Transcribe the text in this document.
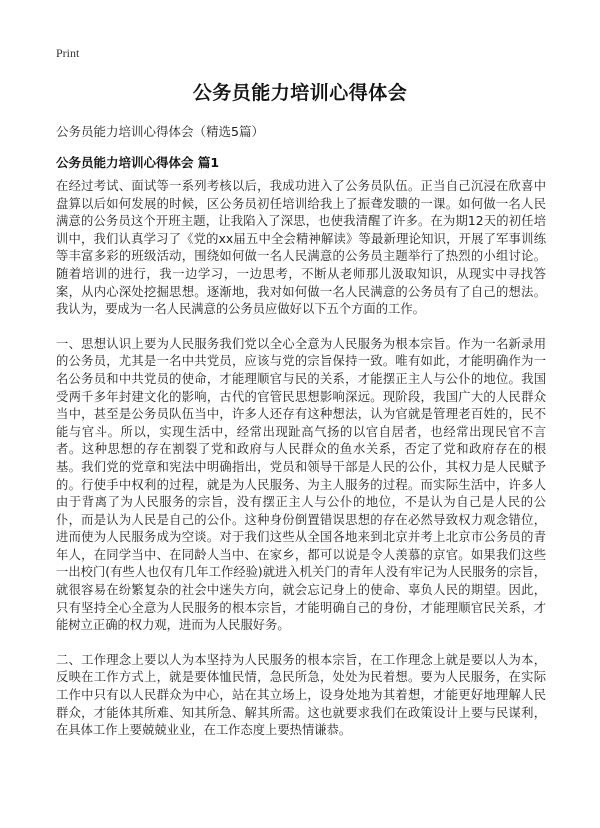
Print
公务员能力培训心得体会
公务员能力培训心得体会（精选5篇）
公务员能力培训心得体会 篇1

在经过考试、面试等一系列考核以后，我成功进入了公务员队伍。正当自己沉浸在欣喜中盘算以后如何发展的时候，区公务员初任培训给我上了振聋发聩的一课。如何做一名人民满意的公务员这个开班主题，让我陷入了深思，也使我清醒了许多。在为期12天的初任培训中，我们认真学习了《党的xx届五中全会精神解读》等最新理论知识，开展了军事训练等丰富多彩的班级活动，围绕如何做一名人民满意的公务员主题举行了热烈的小组讨论。随着培训的进行，我一边学习，一边思考，不断从老师那儿汲取知识，从现实中寻找答案，从内心深处挖掘思想。逐渐地，我对如何做一名人民满意的公务员有了自己的想法。我认为，要成为一名人民满意的公务员应做好以下五个方面的工作。

一、思想认识上要为人民服务我们党以全心全意为人民服务为根本宗旨。作为一名新录用的公务员，尤其是一名中共党员，应该与党的宗旨保持一致。唯有如此，才能明确作为一名公务员和中共党员的使命，才能理顺官与民的关系，才能摆正主人与公仆的地位。我国受两千多年封建文化的影响，古代的官管民思想影响深远。现阶段，我国广大的人民群众当中，甚至是公务员队伍当中，许多人还存有这种想法，认为官就是管理老百姓的，民不能与官斗。所以，实现生活中，经常出现趾高气扬的以官自居者，也经常出现民官不言者。这种思想的存在割裂了党和政府与人民群众的鱼水关系，否定了党和政府存在的根基。我们党的党章和宪法中明确指出，党员和领导干部是人民的公仆，其权力是人民赋予的。行使手中权利的过程，就是为人民服务、为主人服务的过程。而实际生活中，许多人由于背离了为人民服务的宗旨，没有摆正主人与公仆的地位，不是认为自己是人民的公仆，而是认为人民是自己的公仆。这种身份倒置错误思想的存在必然导致权力观念错位，进而使为人民服务成为空谈。对于我们这些从全国各地来到北京并考上北京市公务员的青年人，在同学当中、在同龄人当中、在家乡，都可以说是令人羡慕的京官。如果我们这些一出校门(有些人也仅有几年工作经验)就进入机关门的青年人没有牢记为人民服务的宗旨，就很容易在纷繁复杂的社会中迷失方向，就会忘记身上的使命、辜负人民的期望。因此，只有坚持全心全意为人民服务的根本宗旨，才能明确自己的身份，才能理顺官民关系，才能树立正确的权力观，进而为人民服好务。

二、工作理念上要以人为本坚持为人民服务的根本宗旨，在工作理念上就是要以人为本，反映在工作方式上，就是要体恤民情，急民所急，处处为民着想。要为人民服务，在实际工作中只有以人民群众为中心，站在其立场上，设身处地为其着想，才能更好地理解人民群众，才能体其所难、知其所急、解其所需。这也就要求我们在政策设计上要与民谋利，在具体工作上要兢兢业业，在工作态度上要热情谦恭。
